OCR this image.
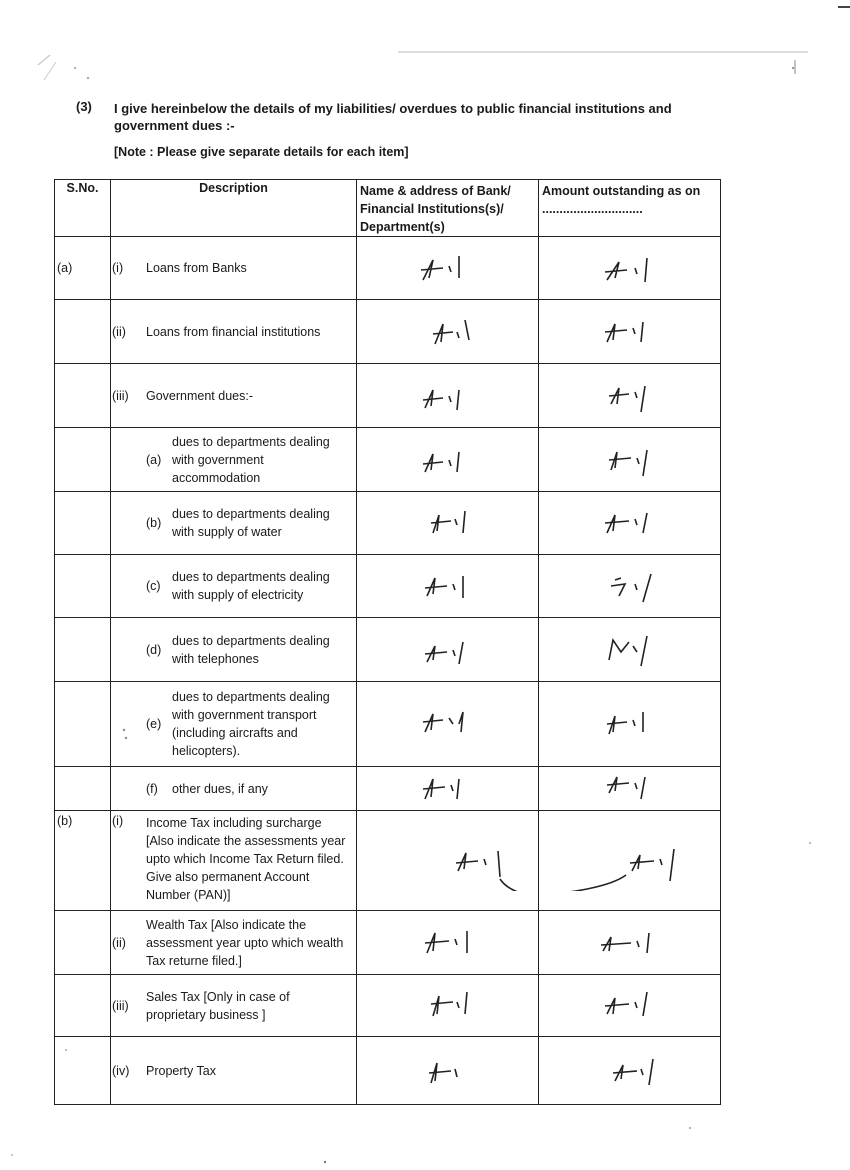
(3) I give hereinbelow the details of my liabilities/ overdues to public financial institutions and government dues :-
[Note : Please give separate details for each item]
S.No.	Description	Name & address of Bank/ Financial Institutions(s)/ Department(s)	Amount outstanding as on .............................
(a)	(i) Loans from Banks

	(ii) Loans from financial institutions

	(iii) Government dues:-

	(a)
dues to departments dealing with government accommodation

	(b)
dues to departments dealing with supply of water

	(c)
dues to departments dealing with supply of electricity

	(d)
dues to departments dealing with telephones

	(e)
dues to departments dealing with government transport (including aircrafts and helicopters).

	(f) other dues, if any

(b)	(i) Income Tax including surcharge [Also indicate the assessments year upto which Income Tax Return filed. Give also permanent Account Number (PAN)]

	(ii)
Wealth Tax [Also indicate the assessment year upto which wealth Tax returne filed.]

	(iii)
Sales Tax [Only in case of proprietary business ]

	(iv) Property Tax
